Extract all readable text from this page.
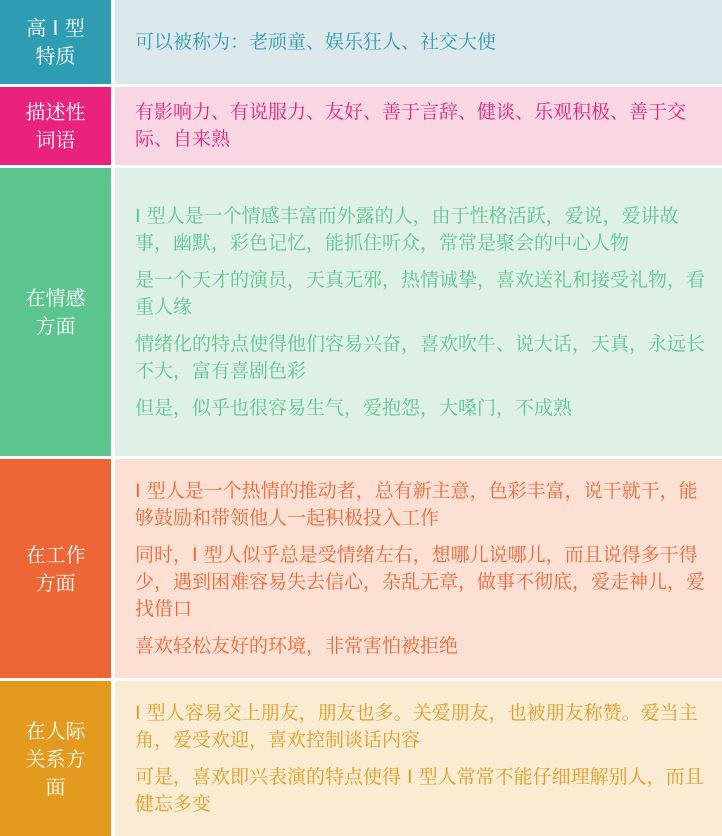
高 I 型
特质

可以被称为：老顽童、娱乐狂人、社交大使

描述性
词语

有影响力、有说服力、友好、善于言辞、健谈、乐观积极、善于交际、自来熟

在情感
方面

I 型人是一个情感丰富而外露的人，由于性格活跃，爱说，爱讲故事，幽默，彩色记忆，能抓住听众，常常是聚会的中心人物

是一个天才的演员，天真无邪，热情诚挚，喜欢送礼和接受礼物，看重人缘

情绪化的特点使得他们容易兴奋，喜欢吹牛、说大话，天真，永远长不大，富有喜剧色彩

但是，似乎也很容易生气，爱抱怨，大嗓门，不成熟

在工作
方面

I 型人是一个热情的推动者，总有新主意，色彩丰富，说干就干，能够鼓励和带领他人一起积极投入工作

同时，I 型人似乎总是受情绪左右，想哪儿说哪儿，而且说得多干得少，遇到困难容易失去信心，杂乱无章，做事不彻底，爱走神儿，爱找借口

喜欢轻松友好的环境，非常害怕被拒绝

在人际
关系方
面

I 型人容易交上朋友，朋友也多。关爱朋友，也被朋友称赞。爱当主角，爱受欢迎，喜欢控制谈话内容

可是，喜欢即兴表演的特点使得 I 型人常常不能仔细理解别人，而且健忘多变
